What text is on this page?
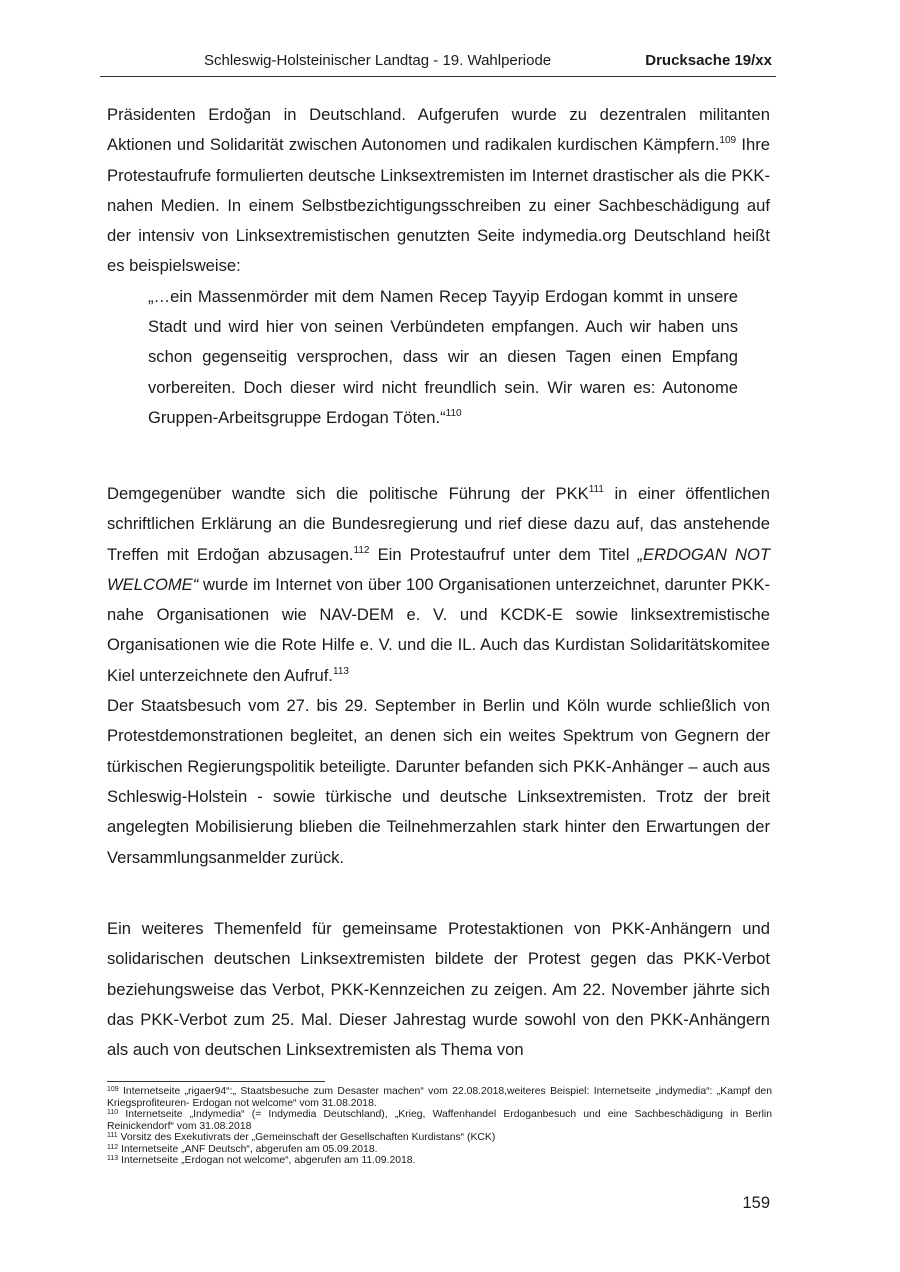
Schleswig-Holsteinischer Landtag - 19. Wahlperiode	Drucksache 19/xx

Präsidenten Erdoğan in Deutschland. Aufgerufen wurde zu dezentralen militanten Aktionen und Solidarität zwischen Autonomen und radikalen kurdischen Kämpfern.$^{109}$ Ihre Protestaufrufe formulierten deutsche Linksextremisten im Internet drastischer als die PKK-nahen Medien. In einem Selbstbezichtigungsschreiben zu einer Sachbeschädigung auf der intensiv von Linksextremistischen genutzten Seite indymedia.org Deutschland heißt es beispielsweise:

„…ein Massenmörder mit dem Namen Recep Tayyip Erdogan kommt in unsere Stadt und wird hier von seinen Verbündeten empfangen. Auch wir haben uns schon gegenseitig versprochen, dass wir an diesen Tagen einen Empfang vorbereiten. Doch dieser wird nicht freundlich sein. Wir waren es: Autonome Gruppen-Arbeitsgruppe Erdogan Töten.“$^{110}$

Demgegenüber wandte sich die politische Führung der PKK$^{111}$ in einer öffentlichen schriftlichen Erklärung an die Bundesregierung und rief diese dazu auf, das anstehende Treffen mit Erdoğan abzusagen.$^{112}$ Ein Protestaufruf unter dem Titel „ERDOGAN NOT WELCOME“ wurde im Internet von über 100 Organisationen unterzeichnet, darunter PKK-nahe Organisationen wie NAV-DEM e. V. und KCDK-E sowie linksextremistische Organisationen wie die Rote Hilfe e. V. und die IL. Auch das Kurdistan Solidaritätskomitee Kiel unterzeichnete den Aufruf.$^{113}$

Der Staatsbesuch vom 27. bis 29. September in Berlin und Köln wurde schließlich von Protestdemonstrationen begleitet, an denen sich ein weites Spektrum von Gegnern der türkischen Regierungspolitik beteiligte. Darunter befanden sich PKK-Anhänger – auch aus Schleswig-Holstein - sowie türkische und deutsche Linksextremisten. Trotz der breit angelegten Mobilisierung blieben die Teilnehmerzahlen stark hinter den Erwartungen der Versammlungsanmelder zurück.

Ein weiteres Themenfeld für gemeinsame Protestaktionen von PKK-Anhängern und solidarischen deutschen Linksextremisten bildete der Protest gegen das PKK-Verbot beziehungsweise das Verbot, PKK-Kennzeichen zu zeigen. Am 22. November jährte sich das PKK-Verbot zum 25. Mal. Dieser Jahrestag wurde sowohl von den PKK-Anhängern als auch von deutschen Linksextremisten als Thema von

$^{109}$ Internetseite „rigaer94“:„ Staatsbesuche zum Desaster machen“ vom 22.08.2018,weiteres Beispiel: Internetseite „indymedia“: „Kampf den Kriegsprofiteuren- Erdogan not welcome“ vom 31.08.2018.

$^{110}$ Internetseite „Indymedia“ (= Indymedia Deutschland), „Krieg, Waffenhandel Erdoganbesuch und eine Sachbeschädigung in Berlin Reinickendorf“ vom 31.08.2018

$^{111}$ Vorsitz des Exekutivrats der „Gemeinschaft der Gesellschaften Kurdistans“ (KCK)

$^{112}$ Internetseite „ANF Deutsch“, abgerufen am 05.09.2018.

$^{113}$ Internetseite „Erdogan not welcome“, abgerufen am 11.09.2018.

159
